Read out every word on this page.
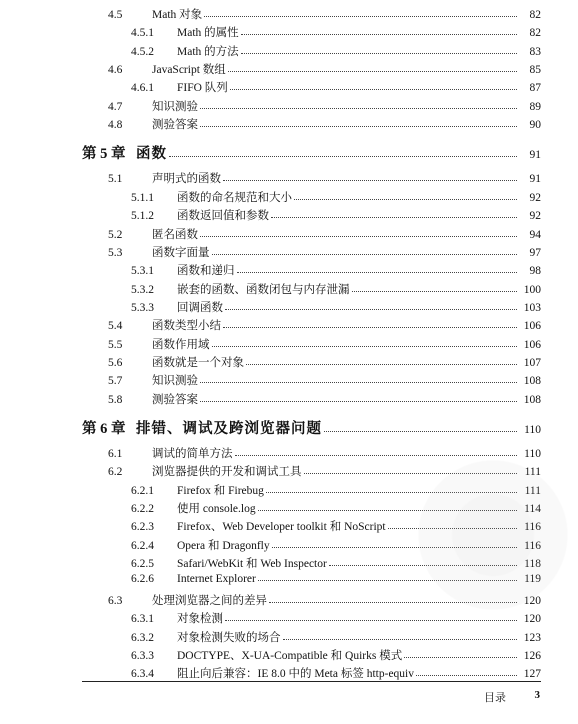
4.5	Math 对象	82
4.5.1	Math 的属性	82
4.5.2	Math 的方法	83
4.6	JavaScript 数组	85
4.6.1	FIFO 队列	87
4.7	知识测验	89
4.8	测验答案	90
第 5 章 函数	91
5.1	声明式的函数	91
5.1.1	函数的命名规范和大小	92
5.1.2	函数返回值和参数	92
5.2	匿名函数	94
5.3	函数字面量	97
5.3.1	函数和递归	98
5.3.2	嵌套的函数、函数闭包与内存泄漏	100
5.3.3	回调函数	103
5.4	函数类型小结	106
5.5	函数作用域	106
5.6	函数就是一个对象	107
5.7	知识测验	108
5.8	测验答案	108
第 6 章 排错、调试及跨浏览器问题	110
6.1	调试的简单方法	110
6.2	浏览器提供的开发和调试工具	111
6.2.1	Firefox 和 Firebug	111
6.2.2	使用 console.log	114
6.2.3	Firefox、Web Developer toolkit 和 NoScript	116
6.2.4	Opera 和 Dragonfly	116
6.2.5	Safari/WebKit 和 Web Inspector	118
6.2.6	Internet Explorer	119
6.3	处理浏览器之间的差异	120
6.3.1	对象检测	120
6.3.2	对象检测失败的场合	123
6.3.3	DOCTYPE、X-UA-Compatible 和 Quirks 模式	126
6.3.4	阻止向后兼容：IE 8.0 中的 Meta 标签 http-equiv	127
目录	3
